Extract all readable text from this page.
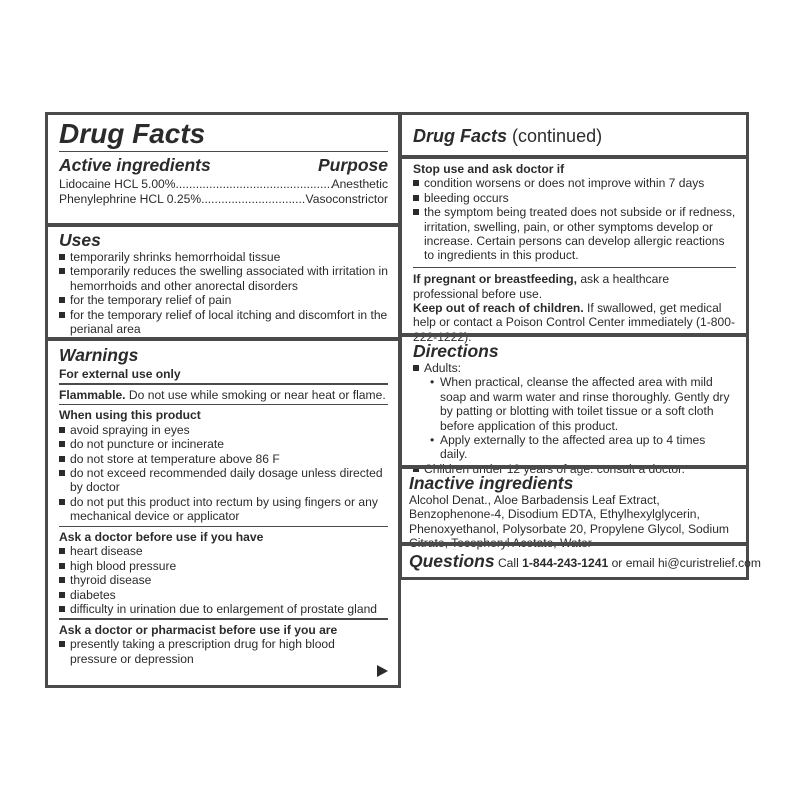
Drug Facts
Active ingredients	Purpose
Lidocaine HCL 5.00% .....	Anesthetic
Phenylephrine HCL 0.25% .....	Vasoconstrictor
Uses
temporarily shrinks hemorrhoidal tissue
temporarily reduces the swelling associated with irritation in hemorrhoids and other anorectal disorders
for the temporary relief of pain
for the temporary relief of local itching and discomfort in the perianal area
Warnings
For external use only
Flammable. Do not use while smoking or near heat or flame.
When using this product
avoid spraying in eyes
do not puncture or incinerate
do not store at temperature above 86 F
do not exceed recommended daily dosage unless directed by doctor
do not put this product into rectum by using fingers or any mechanical device or applicator
Ask a doctor before use if you have
heart disease
high blood pressure
thyroid disease
diabetes
difficulty in urination due to enlargement of prostate gland
Ask a doctor or pharmacist before use if you are
presently taking a prescription drug for high blood pressure or depression
Drug Facts (continued)
Stop use and ask doctor if
condition worsens or does not improve within 7 days
bleeding occurs
the symptom being treated does not subside or if redness, irritation, swelling, pain, or other symptoms develop or increase. Certain persons can develop allergic reactions to ingredients in this product.
If pregnant or breastfeeding, ask a healthcare professional before use.
Keep out of reach of children. If swallowed, get medical help or contact a Poison Control Center immediately (1-800-
Directions
Adults:
• When practical, cleanse the affected area with mild soap and warm water and rinse thoroughly. Gently dry by patting or blotting with toilet tissue or a soft cloth before application of this product.
• Apply externally to the affected area up to 4 times daily.
Inactive ingredients
Alcohol Denat., Aloe Barbadensis Leaf Extract, Benzophenone-4, Disodium EDTA, Ethylhexylglycerin, Phenoxyethanol, Polysorbate 20, Propylene Glycol, Sodium
Questions Call 1-844-243-1241 or email hi@curistrelief.com
